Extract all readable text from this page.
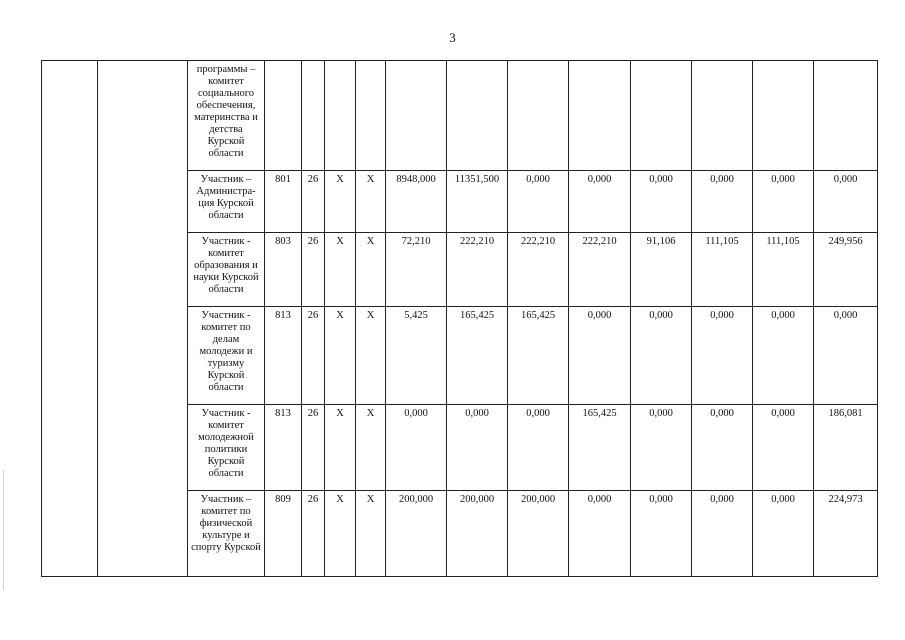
3
		программы – комитет социального обеспечения, материнства и детства Курской области												
		Участник – Администра-ция Курской области	801	26	X	X	8948,000	11351,500	0,000	0,000	0,000	0,000	0,000	0,000
		Участник - комитет образования и науки Курской области	803	26	X	X	72,210	222,210	222,210	222,210	91,106	111,105	111,105	249,956
		Участник - комитет по делам молодежи и туризму Курской области	813	26	X	X	5,425	165,425	165,425	0,000	0,000	0,000	0,000	0,000
		Участник - комитет молодежной политики Курской области	813	26	X	X	0,000	0,000	0,000	165,425	0,000	0,000	0,000	186,081
		Участник – комитет по физической культуре и спорту Курской	809	26	X	X	200,000	200,000	200,000	0,000	0,000	0,000	0,000	224,973
